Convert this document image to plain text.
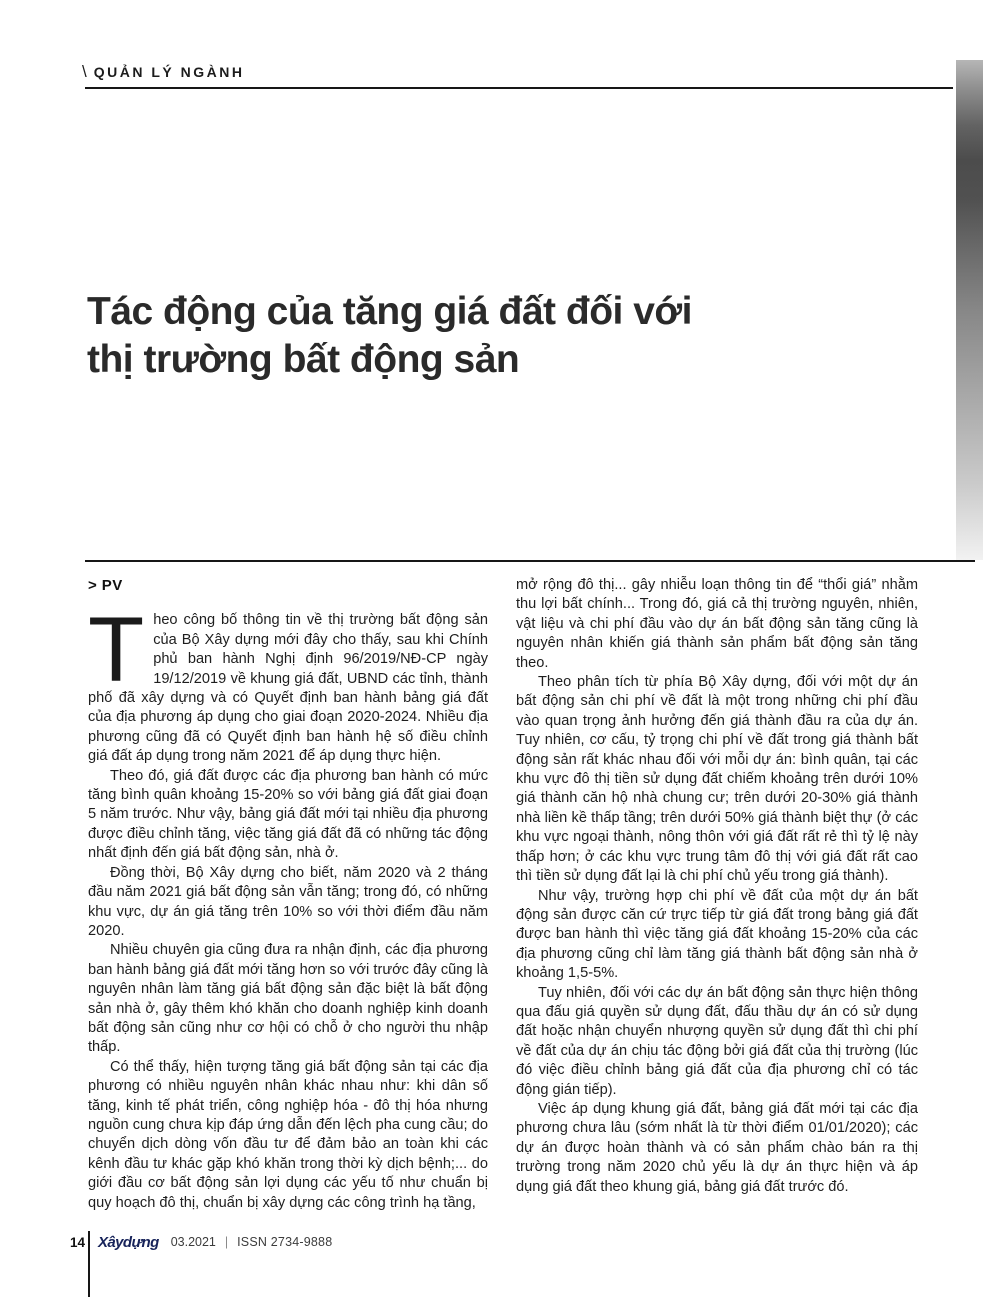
\ QUẢN LÝ NGÀNH
Tác động của tăng giá đất đối với
thị trường bất động sản
> PV

Theo công bố thông tin về thị trường bất động sản của Bộ Xây dựng mới đây cho thấy, sau khi Chính phủ ban hành Nghị định 96/2019/NĐ-CP ngày 19/12/2019 về khung giá đất, UBND các tỉnh, thành phố đã xây dựng và có Quyết định ban hành bảng giá đất của địa phương áp dụng cho giai đoạn 2020-2024. Nhiều địa phương cũng đã có Quyết định ban hành hệ số điều chỉnh giá đất áp dụng trong năm 2021 để áp dụng thực hiện.

Theo đó, giá đất được các địa phương ban hành có mức tăng bình quân khoảng 15-20% so với bảng giá đất giai đoạn 5 năm trước. Như vậy, bảng giá đất mới tại nhiều địa phương được điều chỉnh tăng, việc tăng giá đất đã có những tác động nhất định đến giá bất động sản, nhà ở.

Đồng thời, Bộ Xây dựng cho biết, năm 2020 và 2 tháng đầu năm 2021 giá bất động sản vẫn tăng; trong đó, có những khu vực, dự án giá tăng trên 10% so với thời điểm đầu năm 2020.

Nhiều chuyên gia cũng đưa ra nhận định, các địa phương ban hành bảng giá đất mới tăng hơn so với trước đây cũng là nguyên nhân làm tăng giá bất động sản đặc biệt là bất động sản nhà ở, gây thêm khó khăn cho doanh nghiệp kinh doanh bất động sản cũng như cơ hội có chỗ ở cho người thu nhập thấp.

Có thể thấy, hiện tượng tăng giá bất động sản tại các địa phương có nhiều nguyên nhân khác nhau như: khi dân số tăng, kinh tế phát triển, công nghiệp hóa - đô thị hóa nhưng nguồn cung chưa kịp đáp ứng dẫn đến lệch pha cung cầu; do chuyển dịch dòng vốn đầu tư để đảm bảo an toàn khi các kênh đầu tư khác gặp khó khăn trong thời kỳ dịch bệnh;... do giới đầu cơ bất động sản lợi dụng các yếu tố như chuẩn bị quy hoạch đô thị, chuẩn bị xây dựng các công trình hạ tầng,

mở rộng đô thị... gây nhiễu loạn thông tin để “thổi giá” nhằm thu lợi bất chính... Trong đó, giá cả thị trường nguyên, nhiên, vật liệu và chi phí đầu vào dự án bất động sản tăng cũng là nguyên nhân khiến giá thành sản phẩm bất động sản tăng theo.

Theo phân tích từ phía Bộ Xây dựng, đối với một dự án bất động sản chi phí về đất là một trong những chi phí đầu vào quan trọng ảnh hưởng đến giá thành đầu ra của dự án. Tuy nhiên, cơ cấu, tỷ trọng chi phí về đất trong giá thành bất động sản rất khác nhau đối với mỗi dự án: bình quân, tại các khu vực đô thị tiền sử dụng đất chiếm khoảng trên dưới 10% giá thành căn hộ nhà chung cư; trên dưới 20-30% giá thành nhà liền kề thấp tầng; trên dưới 50% giá thành biệt thự (ở các khu vực ngoại thành, nông thôn với giá đất rất rẻ thì tỷ lệ này thấp hơn; ở các khu vực trung tâm đô thị với giá đất rất cao thì tiền sử dụng đất lại là chi phí chủ yếu trong giá thành).

Như vậy, trường hợp chi phí về đất của một dự án bất động sản được căn cứ trực tiếp từ giá đất trong bảng giá đất được ban hành thì việc tăng giá đất khoảng 15-20% của các địa phương cũng chỉ làm tăng giá thành bất động sản nhà ở khoảng 1,5-5%.

Tuy nhiên, đối với các dự án bất động sản thực hiện thông qua đấu giá quyền sử dụng đất, đấu thầu dự án có sử dụng đất hoặc nhận chuyển nhượng quyền sử dụng đất thì chi phí về đất của dự án chịu tác động bởi giá đất của thị trường (lúc đó việc điều chỉnh bảng giá đất của địa phương chỉ có tác động gián tiếp).

Việc áp dụng khung giá đất, bảng giá đất mới tại các địa phương chưa lâu (sớm nhất là từ thời điểm 01/01/2020); các dự án được hoàn thành và có sản phẩm chào bán ra thị trường trong năm 2020 chủ yếu là dự án thực hiện và áp dụng giá đất theo khung giá, bảng giá đất trước đó.

14 Xâydựng 03.2021 | ISSN 2734-9888
